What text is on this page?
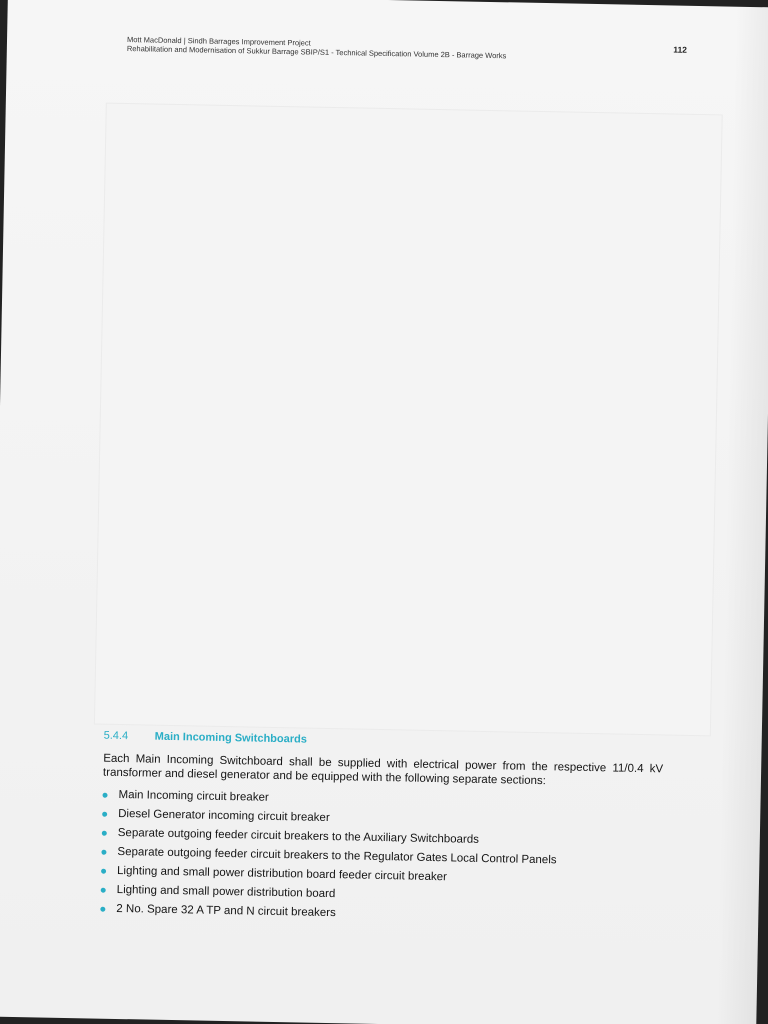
Mott MacDonald | Sindh Barrages Improvement Project
Rehabilitation and Modernisation of Sukkur Barrage SBIP/S1 - Technical Specification Volume 2B - Barrage Works	112
5.4.4 Main Incoming Switchboards

Each Main Incoming Switchboard shall be supplied with electrical power from the respective 11/0.4 kV transformer and diesel generator and be equipped with the following separate sections:

Main Incoming circuit breaker
Diesel Generator incoming circuit breaker
Separate outgoing feeder circuit breakers to the Auxiliary Switchboards
Separate outgoing feeder circuit breakers to the Regulator Gates Local Control Panels
Lighting and small power distribution board feeder circuit breaker
Lighting and small power distribution board
2 No. Spare 32 A TP and N circuit breakers
